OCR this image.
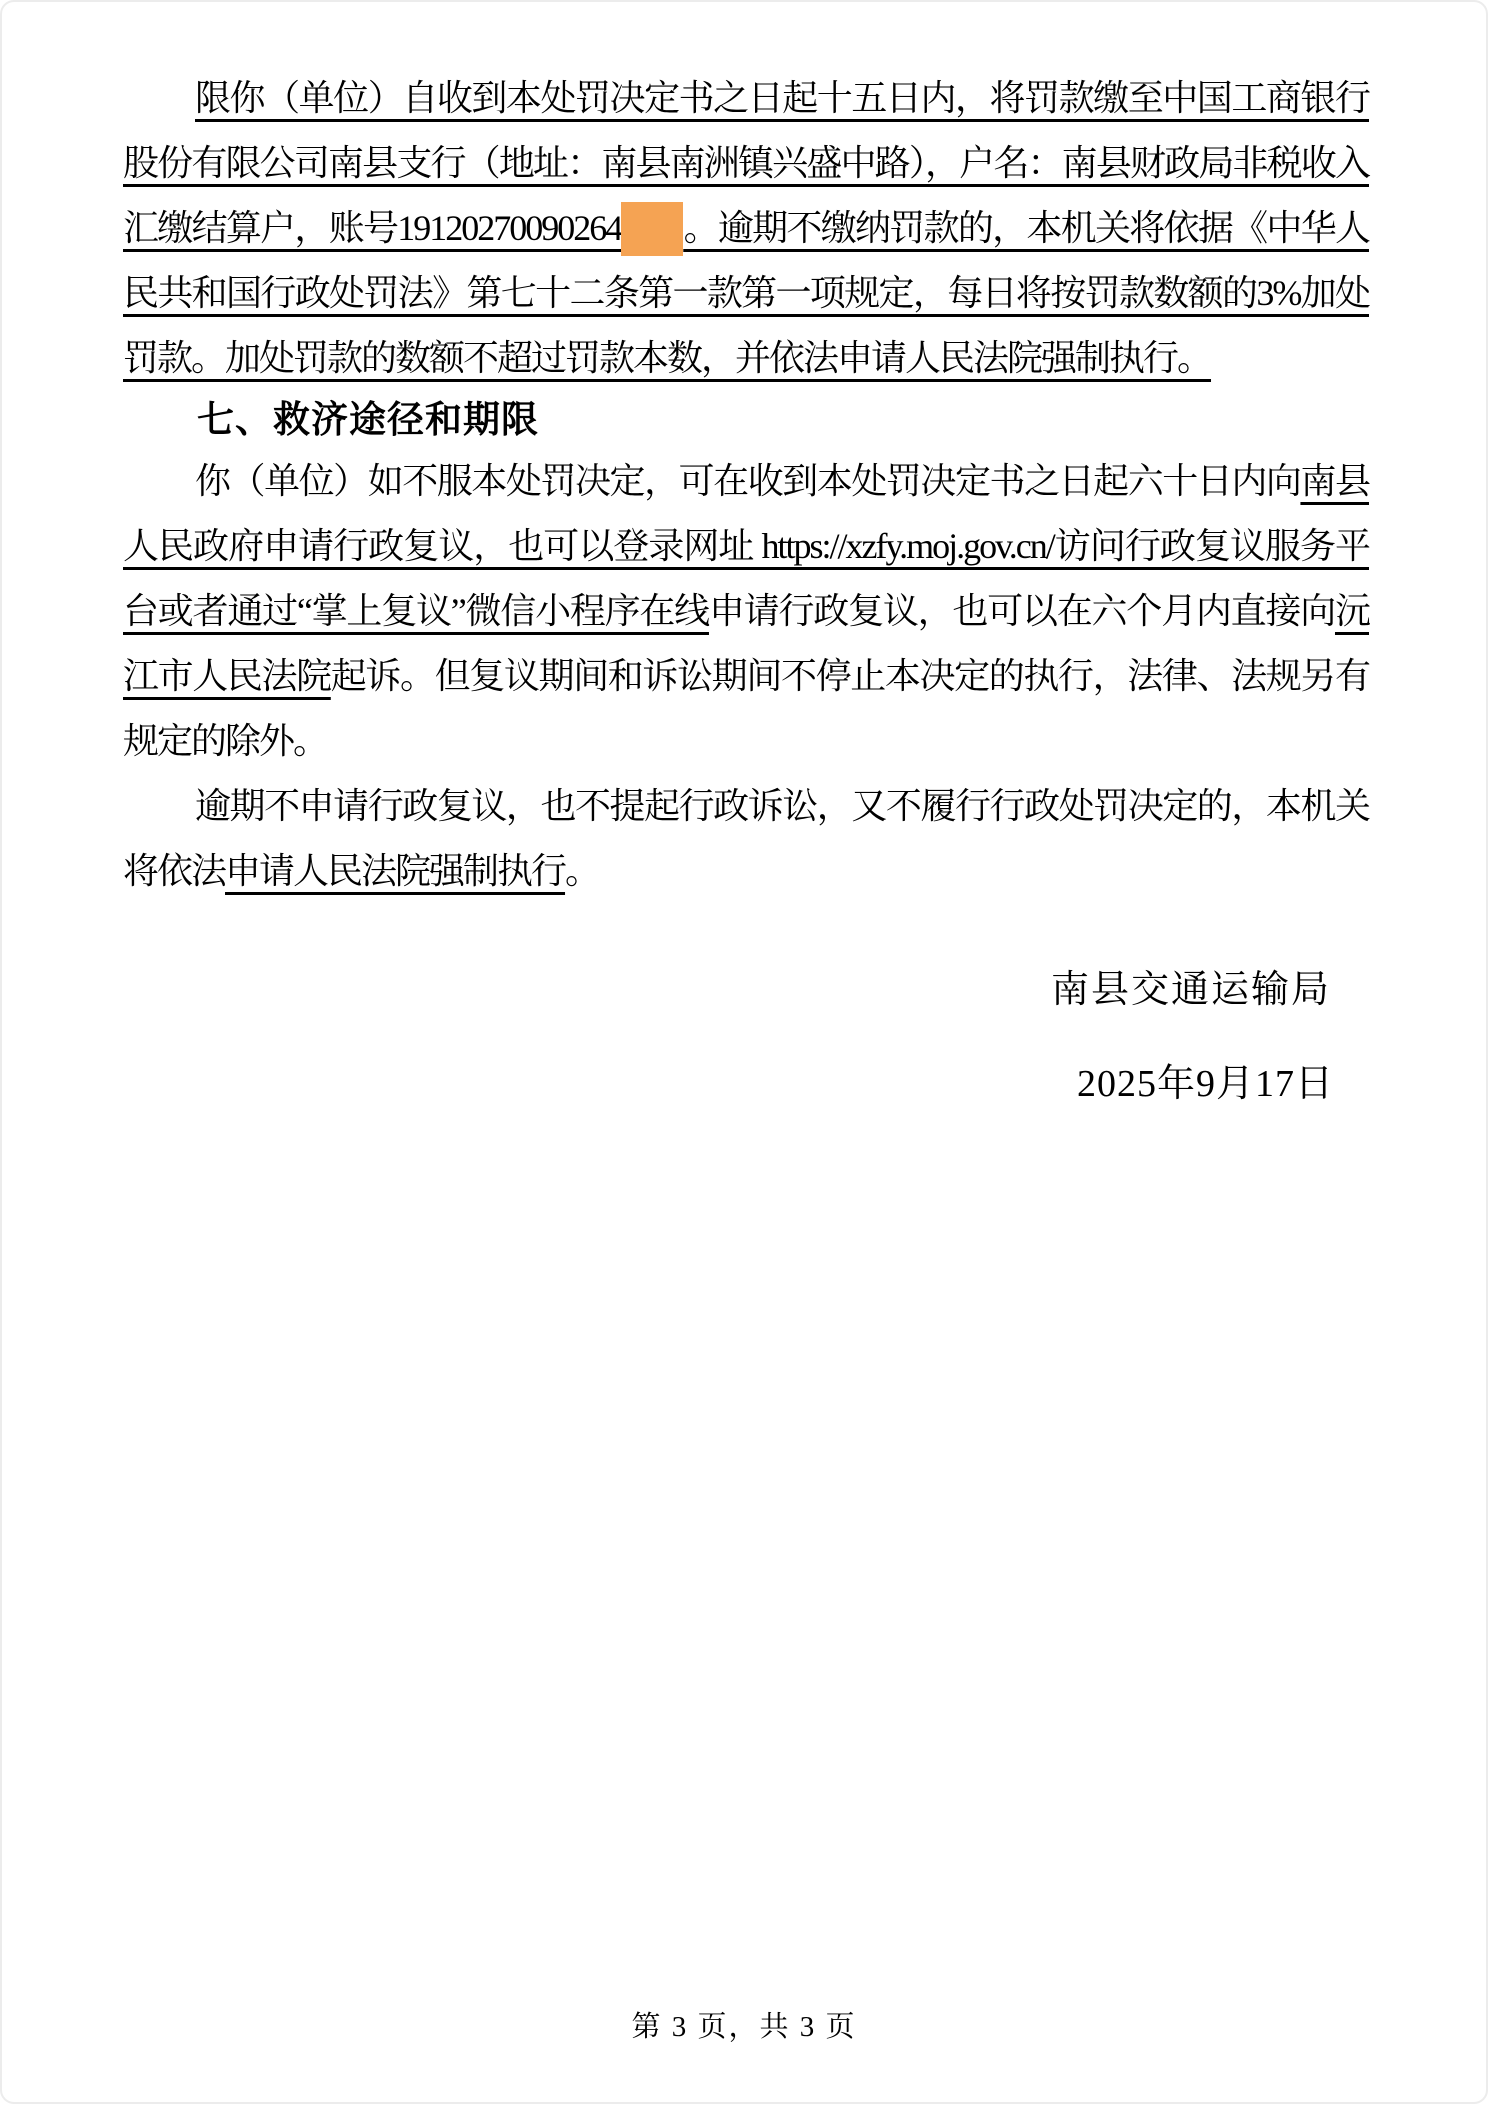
限你（单位）自收到本处罚决定书之日起十五日内，将罚款缴至中国工商银行股份有限公司南县支行（地址：南县南洲镇兴盛中路），户名：南县财政局非税收入汇缴结算户，账号19120270090264 。逾期不缴纳罚款的，本机关将依据《中华人民共和国行政处罚法》第七十二条第一款第一项规定，每日将按罚款数额的3%加处罚款。加处罚款的数额不超过罚款本数，并依法申请人民法院强制执行。

七、救济途径和期限

你（单位）如不服本处罚决定，可在收到本处罚决定书之日起六十日内向南县人民政府申请行政复议，也可以登录网址 https://xzfy.moj.gov.cn/访问行政复议服务平台或者通过“掌上复议”微信小程序在线申请行政复议，也可以在六个月内直接向沅江市人民法院起诉。但复议期间和诉讼期间不停止本决定的执行，法律、法规另有规定的除外。

逾期不申请行政复议，也不提起行政诉讼，又不履行行政处罚决定的，本机关将依法申请人民法院强制执行。

南县交通运输局
2025年9月17日
第 3 页，共 3 页
